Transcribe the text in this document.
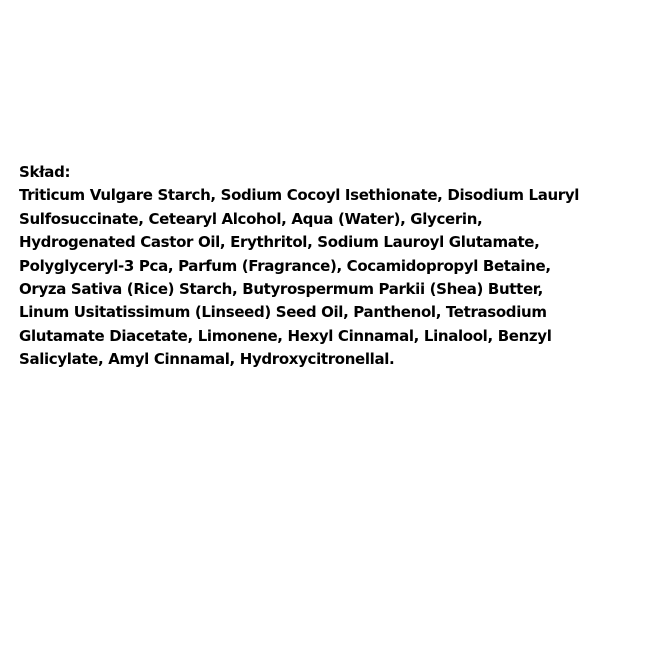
Skład:
Triticum Vulgare Starch, Sodium Cocoyl Isethionate, Disodium Lauryl
Sulfosuccinate, Cetearyl Alcohol, Aqua (Water), Glycerin,
Hydrogenated Castor Oil, Erythritol, Sodium Lauroyl Glutamate,
Polyglyceryl-3 Pca, Parfum (Fragrance), Cocamidopropyl Betaine,
Oryza Sativa (Rice) Starch, Butyrospermum Parkii (Shea) Butter,
Linum Usitatissimum (Linseed) Seed Oil, Panthenol, Tetrasodium
Glutamate Diacetate, Limonene, Hexyl Cinnamal, Linalool, Benzyl
Salicylate, Amyl Cinnamal, Hydroxycitronellal.
